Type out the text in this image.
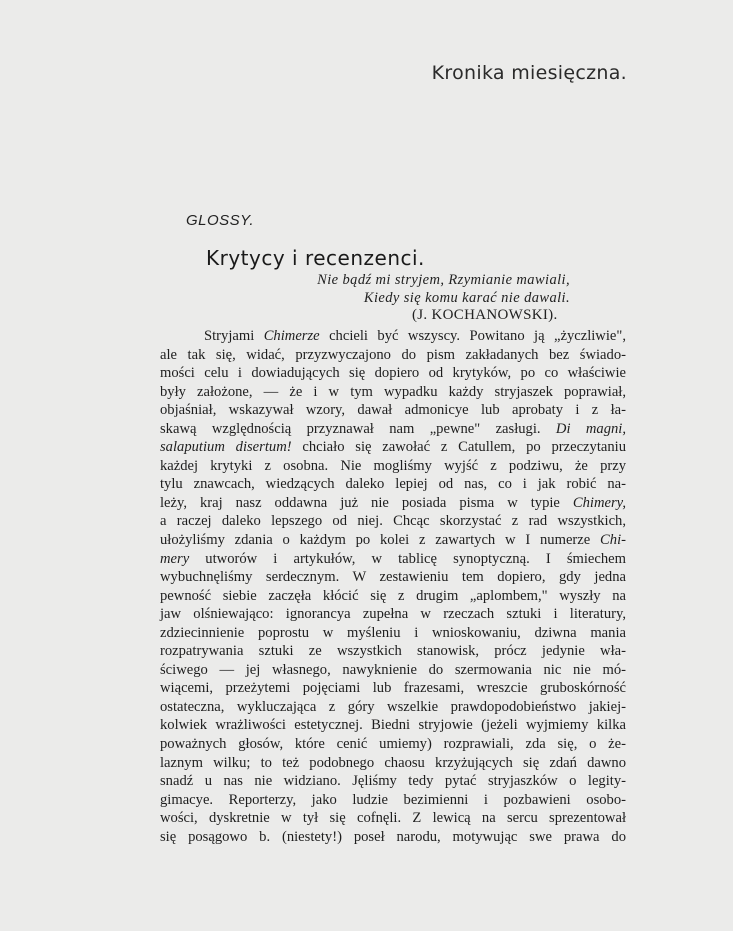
Kronika miesięczna.
GLOSSY.
Krytycy i recenzenci.
Nie bądź mi stryjem, Rzymianie mawiali,
Kiedy się komu karać nie dawali.
(J. KOCHANOWSKI).
Stryjami Chimerze chcieli być wszyscy. Powitano ją „życzliwie",
ale tak się, widać, przyzwyczajono do pism zakładanych bez świado-
mości celu i dowiadujących się dopiero od krytyków, po co właściwie
były założone, — że i w tym wypadku każdy stryjaszek poprawiał,
objaśniał, wskazywał wzory, dawał admonicye lub aprobaty i z ła-
skawą względnością przyznawał nam „pewne" zasługi. Di magni,
salaputium disertum! chciało się zawołać z Catullem, po przeczytaniu
każdej krytyki z osobna. Nie mogliśmy wyjść z podziwu, że przy
tylu znawcach, wiedzących daleko lepiej od nas, co i jak robić na-
leży, kraj nasz oddawna już nie posiada pisma w typie Chimery,
a raczej daleko lepszego od niej. Chcąc skorzystać z rad wszystkich,
ułożyliśmy zdania o każdym po kolei z zawartych w I numerze Chi-
mery utworów i artykułów, w tablicę synoptyczną. I śmiechem
wybuchnęliśmy serdecznym. W zestawieniu tem dopiero, gdy jedna
pewność siebie zaczęła kłócić się z drugim „aplombem," wyszły na
jaw olśniewająco: ignorancya zupełna w rzeczach sztuki i literatury,
zdziecinnienie poprostu w myśleniu i wnioskowaniu, dziwna mania
rozpatrywania sztuki ze wszystkich stanowisk, prócz jedynie wła-
ściwego — jej własnego, nawyknienie do szermowania nic nie mó-
wiącemi, przeżytemi pojęciami lub frazesami, wreszcie gruboskórność
ostateczna, wykluczająca z góry wszelkie prawdopodobieństwo jakiej-
kolwiek wrażliwości estetycznej. Biedni stryjowie (jeżeli wyjmiemy kilka
poważnych głosów, które cenić umiemy) rozprawiali, zda się, o że-
laznym wilku; to też podobnego chaosu krzyżujących się zdań dawno
snadź u nas nie widziano. Jęliśmy tedy pytać stryjaszków o legity-
gimacye. Reporterzy, jako ludzie bezimienni i pozbawieni osobo-
wości, dyskretnie w tył się cofnęli. Z lewicą na sercu sprezentował
się posągowo b. (niestety!) poseł narodu, motywując swe prawa do
